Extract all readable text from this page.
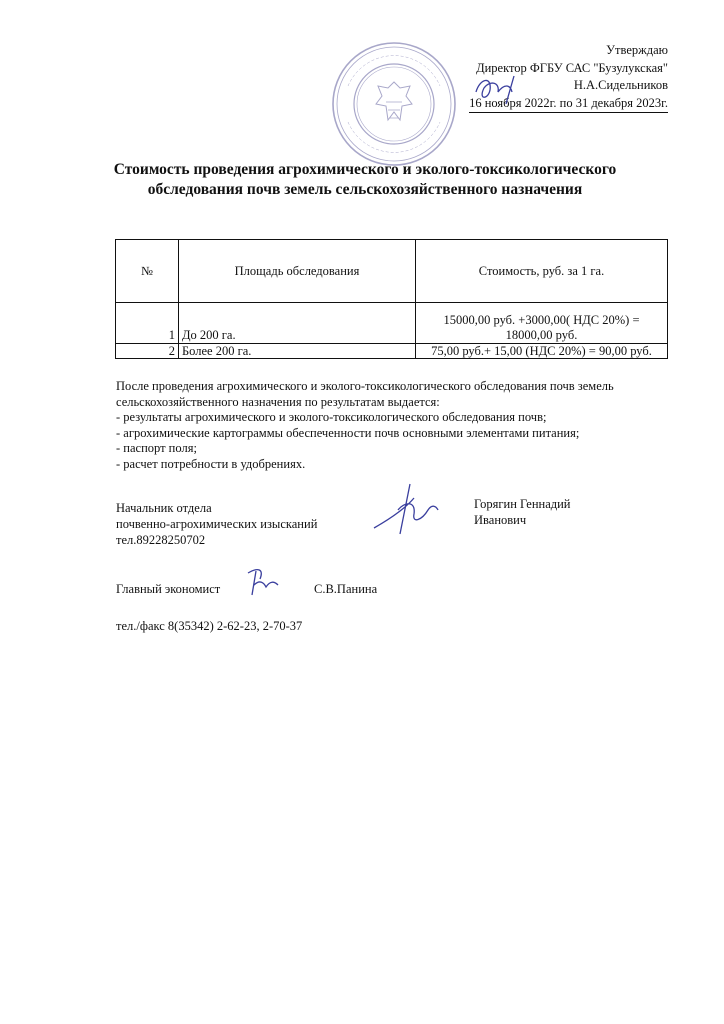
Утверждаю
Директор ФГБУ САС "Бузулукская"
Н.А.Сидельников
16 ноября 2022г. по 31 декабря 2023г.
Стоимость проведения агрохимического и эколого-токсикологического обследования почв земель сельскохозяйственного назначения
№	Площадь обследования	Стоимость, руб. за 1 га.
1	До 200 га.	15000,00 руб. +3000,00( НДС 20%) = 18000,00 руб.
2	Более 200 га.	75,00 руб.+ 15,00 (НДС 20%) = 90,00 руб.
После проведения агрохимического и эколого-токсикологического обследования почв земель сельскохозяйственного назначения по результатам выдается:
- результаты агрохимического и эколого-токсикологического обследования почв;
- агрохимические картограммы обеспеченности почв основными элементами питания;
- паспорт поля;
- расчет потребности в удобрениях.
Начальник отдела
почвенно-агрохимических изысканий
тел.89228250702
Горягин Геннадий
Иванович
Главный экономист	С.В.Панина
тел./факс 8(35342) 2-62-23, 2-70-37
